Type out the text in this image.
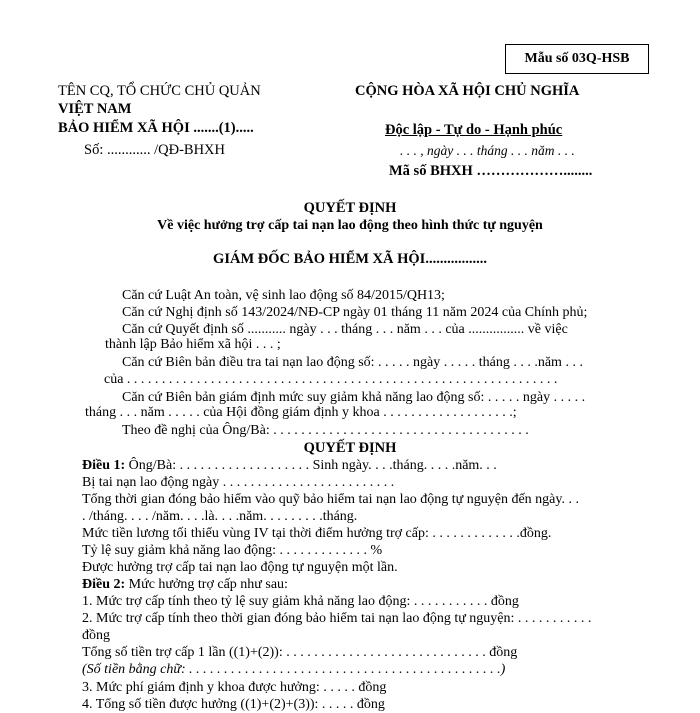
Mẫu số 03Q-HSB
TÊN CQ, TỔ CHỨC CHỦ QUẢN
VIỆT NAM
BẢO HIỂM XÃ HỘI .......(1).....
Số: ............ /QĐ-BHXH
CỘNG HÒA XÃ HỘI CHỦ NGHĨA
Độc lập - Tự do - Hạnh phúc
. . . , ngày . . . tháng . . . năm . . .
Mã số BHXH ………………........
QUYẾT ĐỊNH
Về việc hưởng trợ cấp tai nạn lao động theo hình thức tự nguyện
GIÁM ĐỐC BẢO HIỂM XÃ HỘI.................
Căn cứ Luật An toàn, vệ sinh lao động số 84/2015/QH13;
Căn cứ Nghị định số 143/2024/NĐ-CP ngày 01 tháng 11 năm 2024 của Chính phủ;
Căn cứ Quyết định số ........... ngày . . . tháng . . . năm . . . của ................ về việc
thành lập Bảo hiểm xã hội . . . ;
Căn cứ Biên bản điều tra tai nạn lao động số: . . . . . ngày . . . . . tháng . . . .năm . . .
của . . . . . . . . . . . . . . . . . . . . . . . . . . . . . . . . . . . . . . . . . . . . . . . . . . . . . . . . . . . . . .
Căn cứ Biên bản giám định mức suy giảm khả năng lao động số: . . . . . ngày . . . . .
tháng . . . năm . . . . . của Hội đồng giám định y khoa . . . . . . . . . . . . . . . . . . .;
Theo đề nghị của Ông/Bà: . . . . . . . . . . . . . . . . . . . . . . . . . . . . . . . . . . . . .
QUYẾT ĐỊNH
Điều 1: Ông/Bà: . . . . . . . . . . . . . . . . . . . Sinh ngày. . . .tháng. . . . .năm. . .
Bị tai nạn lao động ngày . . . . . . . . . . . . . . . . . . . . . . . . .
Tổng thời gian đóng bảo hiểm vào quỹ bảo hiểm tai nạn lao động tự nguyện đến ngày. . .
. /tháng. . . . /năm. . . .là. . . .năm. . . . . . . . .tháng.
Mức tiền lương tối thiểu vùng IV tại thời điểm hưởng trợ cấp: . . . . . . . . . . . . .đồng.
Tỷ lệ suy giảm khả năng lao động: . . . . . . . . . . . . . %
Được hưởng trợ cấp tai nạn lao động tự nguyện một lần.
Điều 2: Mức hưởng trợ cấp như sau:
1. Mức trợ cấp tính theo tỷ lệ suy giảm khả năng lao động: . . . . . . . . . . . đồng
2. Mức trợ cấp tính theo thời gian đóng bảo hiểm tai nạn lao động tự nguyện: . . . . . . . . . . .
đồng
Tổng số tiền trợ cấp 1 lần ((1)+(2)): . . . . . . . . . . . . . . . . . . . . . . . . . . . . . đồng
(Số tiền bằng chữ: . . . . . . . . . . . . . . . . . . . . . . . . . . . . . . . . . . . . . . . . . . . . .)
3. Mức phí giám định y khoa được hưởng: . . . . . đồng
4. Tổng số tiền được hưởng ((1)+(2)+(3)): . . . . . đồng
